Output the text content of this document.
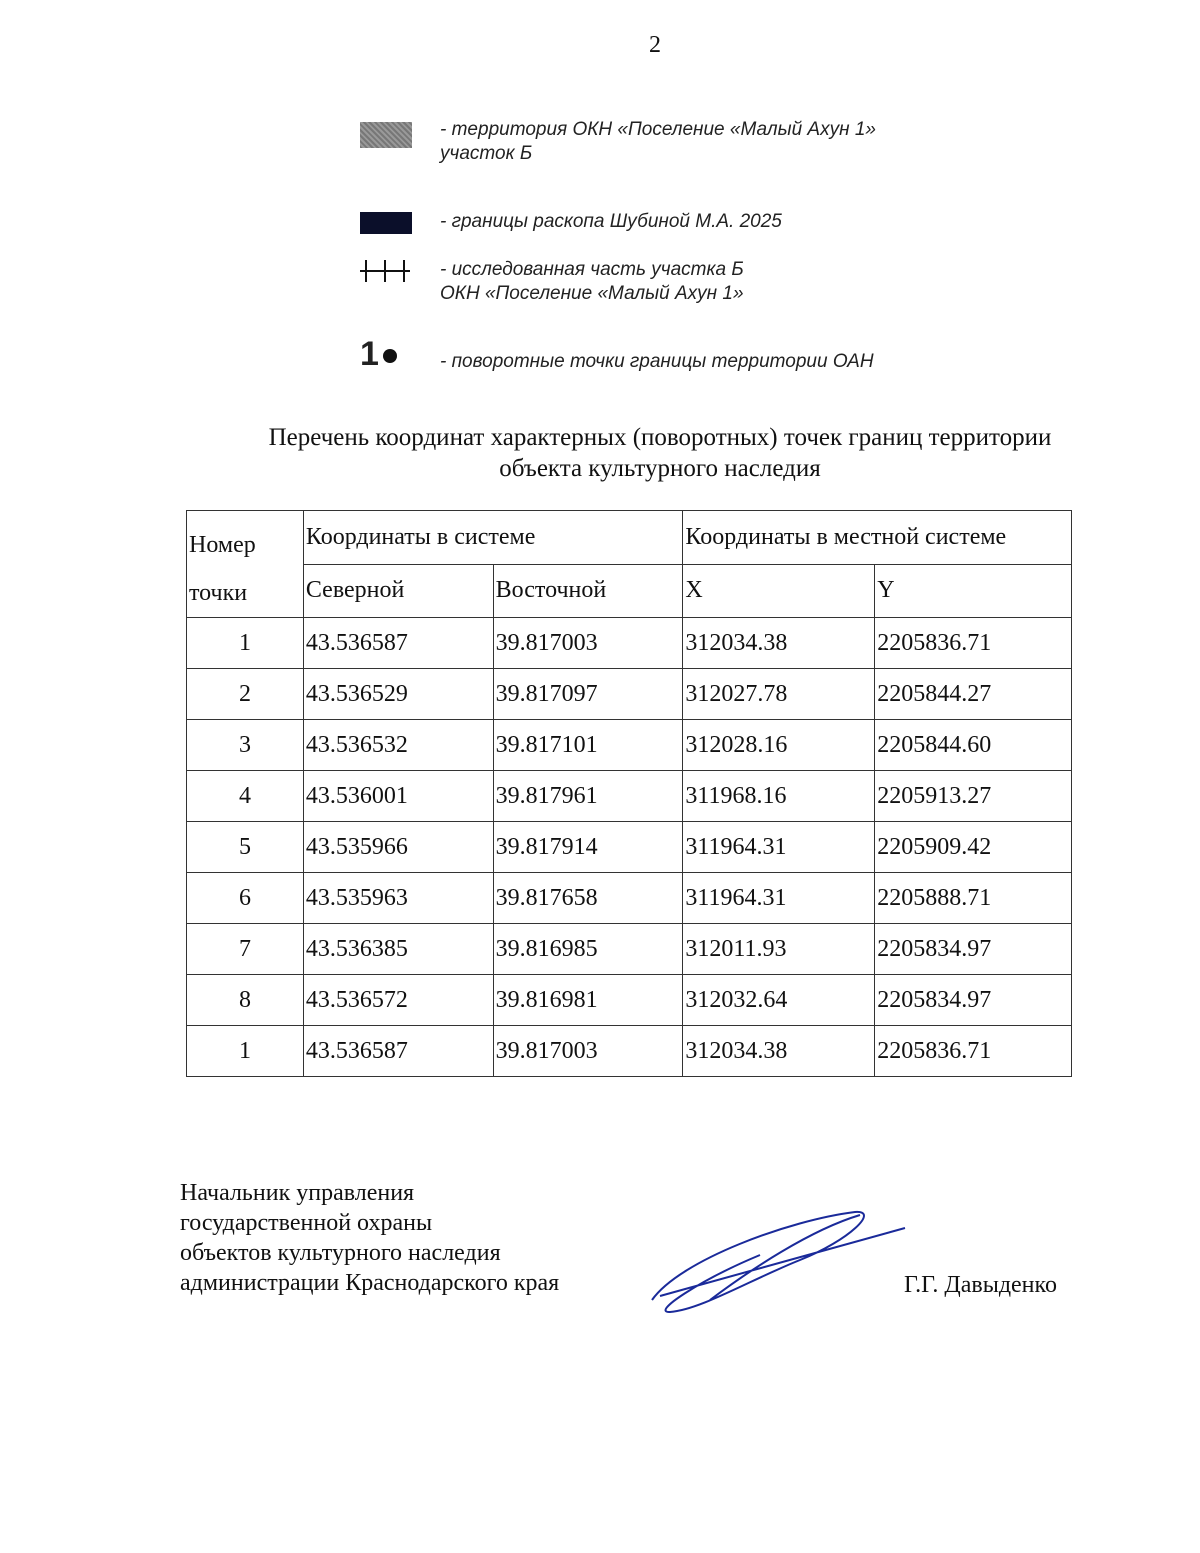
2
- территория ОКН «Поселение «Малый Ахун 1»
участок Б
- границы раскопа Шубиной М.А. 2025
- исследованная часть участка Б
ОКН «Поселение «Малый Ахун 1»
1	- поворотные точки границы территории ОАН
Перечень координат характерных (поворотных) точек границ территории
объекта культурного наследия
Номер
точки	Координаты в системе		Координаты в местной системе	
	Северной	Восточной	X	Y
1	43.536587	39.817003	312034.38	2205836.71
2	43.536529	39.817097	312027.78	2205844.27
3	43.536532	39.817101	312028.16	2205844.60
4	43.536001	39.817961	311968.16	2205913.27
5	43.535966	39.817914	311964.31	2205909.42
6	43.535963	39.817658	311964.31	2205888.71
7	43.536385	39.816985	312011.93	2205834.97
8	43.536572	39.816981	312032.64	2205834.97
1	43.536587	39.817003	312034.38	2205836.71
Начальник управления
государственной охраны
объектов культурного наследия
администрации Краснодарского края	Г.Г. Давыденко
